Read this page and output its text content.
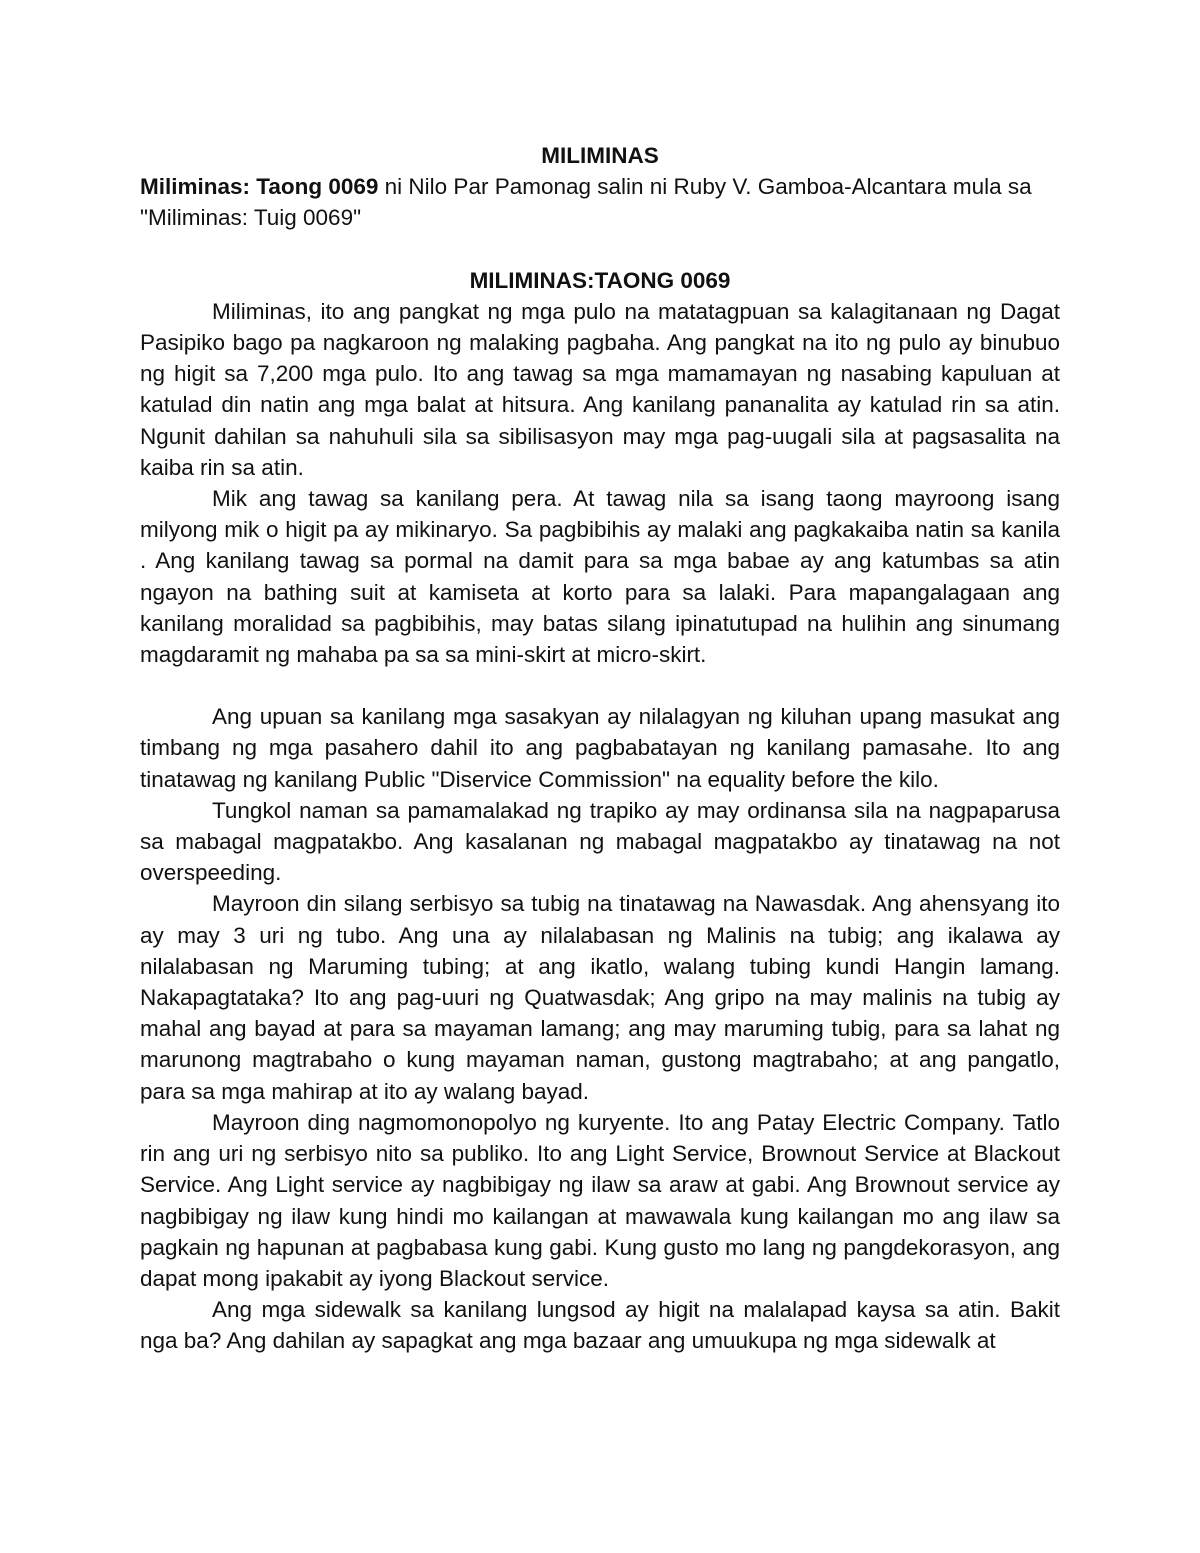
MILIMINAS

Miliminas: Taong 0069 ni Nilo Par Pamonag salin ni Ruby V. Gamboa-Alcantara mula sa "Miliminas: Tuig 0069"

MILIMINAS:TAONG 0069

Miliminas, ito ang pangkat ng mga pulo na matatagpuan sa kalagitanaan ng Dagat Pasipiko bago pa nagkaroon ng malaking pagbaha. Ang pangkat na ito ng pulo ay binubuo ng higit sa 7,200 mga pulo. Ito ang tawag sa mga mamamayan ng nasabing kapuluan at katulad din natin ang mga balat at hitsura. Ang kanilang pananalita ay katulad rin sa atin. Ngunit dahilan sa nahuhuli sila sa sibilisasyon may mga pag-uugali sila at pagsasalita na kaiba rin sa atin.

Mik ang tawag sa kanilang pera. At tawag nila sa isang taong mayroong isang milyong mik o higit pa ay mikinaryo. Sa pagbibihis ay malaki ang pagkakaiba natin sa kanila . Ang kanilang tawag sa pormal na damit para sa mga babae ay ang katumbas sa atin ngayon na bathing suit at kamiseta at korto para sa lalaki. Para mapangalagaan ang kanilang moralidad sa pagbibihis, may batas silang ipinatutupad na hulihin ang sinumang magdaramit ng mahaba pa sa sa mini-skirt at micro-skirt.

Ang upuan sa kanilang mga sasakyan ay nilalagyan ng kiluhan upang masukat ang timbang ng mga pasahero dahil ito ang pagbabatayan ng kanilang pamasahe. Ito ang tinatawag ng kanilang Public "Diservice Commission" na equality before the kilo.

Tungkol naman sa pamamalakad ng trapiko ay may ordinansa sila na nagpaparusa sa mabagal magpatakbo. Ang kasalanan ng mabagal magpatakbo ay tinatawag na not overspeeding.

Mayroon din silang serbisyo sa tubig na tinatawag na Nawasdak. Ang ahensyang ito ay may 3 uri ng tubo. Ang una ay nilalabasan ng Malinis na tubig; ang ikalawa ay nilalabasan ng Maruming tubing; at ang ikatlo, walang tubing kundi Hangin lamang. Nakapagtataka? Ito ang pag-uuri ng Quatwasdak; Ang gripo na may malinis na tubig ay mahal ang bayad at para sa mayaman lamang; ang may maruming tubig, para sa lahat ng marunong magtrabaho o kung mayaman naman, gustong magtrabaho; at ang pangatlo, para sa mga mahirap at ito ay walang bayad.

Mayroon ding nagmomonopolyo ng kuryente. Ito ang Patay Electric Company. Tatlo rin ang uri ng serbisyo nito sa publiko. Ito ang Light Service, Brownout Service at Blackout Service. Ang Light service ay nagbibigay ng ilaw sa araw at gabi. Ang Brownout service ay nagbibigay ng ilaw kung hindi mo kailangan at mawawala kung kailangan mo ang ilaw sa pagkain ng hapunan at pagbabasa kung gabi. Kung gusto mo lang ng pangdekorasyon, ang dapat mong ipakabit ay iyong Blackout service.

Ang mga sidewalk sa kanilang lungsod ay higit na malalapad kaysa sa atin. Bakit nga ba? Ang dahilan ay sapagkat ang mga bazaar ang umuukupa ng mga sidewalk at
